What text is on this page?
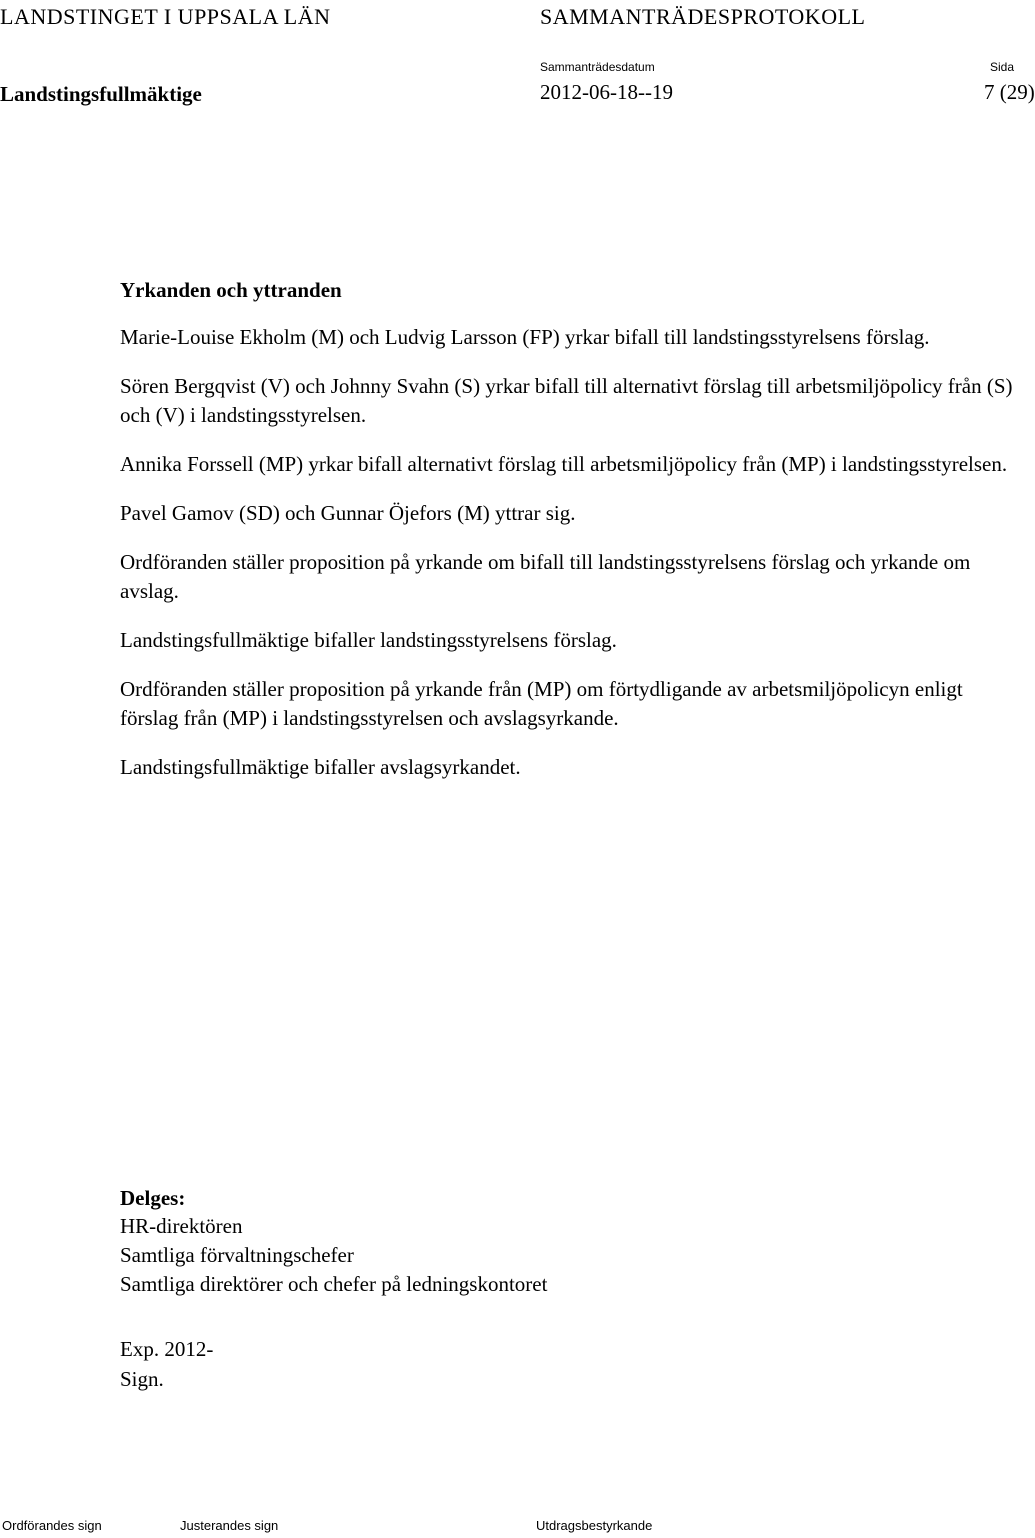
LANDSTINGET I UPPSALA LÄN	SAMMANTRÄDESPROTOKOLL
Sammanträdesdatum	Sida
Landstingsfullmäktige	2012-06-18--19	7 (29)
Yrkanden och yttranden

Marie-Louise Ekholm (M) och Ludvig Larsson (FP) yrkar bifall till landstingsstyrelsens förslag.

Sören Bergqvist (V) och Johnny Svahn (S) yrkar bifall till alternativt förslag till arbetsmiljöpolicy från (S) och (V) i landstingsstyrelsen.

Annika Forssell (MP) yrkar bifall alternativt förslag till arbetsmiljöpolicy från (MP) i landstingsstyrelsen.

Pavel Gamov (SD) och Gunnar Öjefors (M) yttrar sig.

Ordföranden ställer proposition på yrkande om bifall till landstingsstyrelsens förslag och yrkande om avslag.

Landstingsfullmäktige bifaller landstingsstyrelsens förslag.

Ordföranden ställer proposition på yrkande från (MP) om förtydligande av arbetsmiljöpolicyn enligt förslag från (MP) i landstingsstyrelsen och avslagsyrkande.

Landstingsfullmäktige bifaller avslagsyrkandet.

Delges:
HR-direktören
Samtliga förvaltningschefer
Samtliga direktörer och chefer på ledningskontoret
Exp. 2012-
Sign.
Ordförandes sign	Justerandes sign	Utdragsbestyrkande
